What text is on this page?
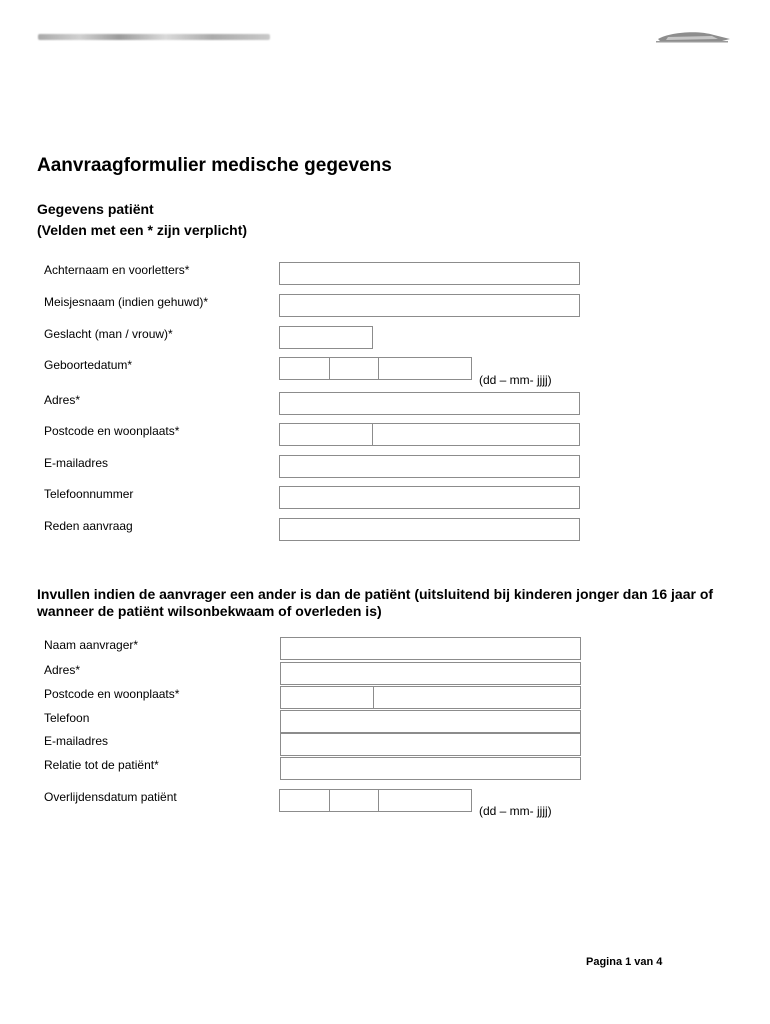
Aanvraagformulier medische gegevens
Gegevens patiënt
(Velden met een * zijn verplicht)
Achternaam en voorletters*
Meisjesnaam (indien gehuwd)*
Geslacht (man / vrouw)*
Geboortedatum*
(dd – mm- jjjj)
Adres*
Postcode en woonplaats*
E-mailadres
Telefoonnummer
Reden aanvraag
Invullen indien de aanvrager een ander is dan de patiënt (uitsluitend bij kinderen jonger dan 16 jaar of wanneer de patiënt wilsonbekwaam of overleden is)
Naam aanvrager*
Adres*
Postcode en woonplaats*
Telefoon
E-mailadres
Relatie tot de patiënt*
Overlijdensdatum patiënt
(dd – mm- jjjj)
Pagina 1 van 4
